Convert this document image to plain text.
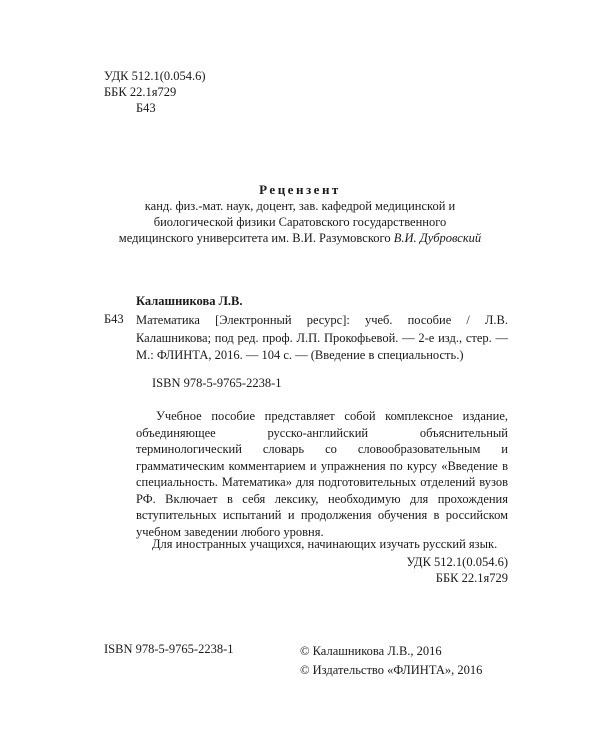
УДК 512.1(0.054.6)
ББК 22.1я729
Б43
Рецензент
канд. физ.-мат. наук, доцент, зав. кафедрой медицинской и
биологической физики Саратовского государственного
медицинского университета им. В.И. Разумовского В.И. Дубровский
Калашникова Л.В.
Б43 Математика [Электронный ресурс]: учеб. пособие / Л.В. Калашникова; под ред. проф. Л.П. Прокофьевой. — 2-е изд., стер. — М.: ФЛИНТА, 2016. — 104 с. — (Введение в специальность.)
ISBN 978-5-9765-2238-1

Учебное пособие представляет собой комплексное издание, объединяющее русско-английский объяснительный терминологический словарь со словообразовательным и грамматическим комментарием и упражнения по курсу «Введение в специальность. Математика» для подготовительных отделений вузов РФ. Включает в себя лексику, необходимую для прохождения вступительных испытаний и продолжения обучения в российском учебном заведении любого уровня.

Для иностранных учащихся, начинающих изучать русский язык.
УДК 512.1(0.054.6)
ББК 22.1я729
ISBN 978-5-9765-2238-1	© Калашникова Л.В., 2016
© Издательство «ФЛИНТА», 2016
